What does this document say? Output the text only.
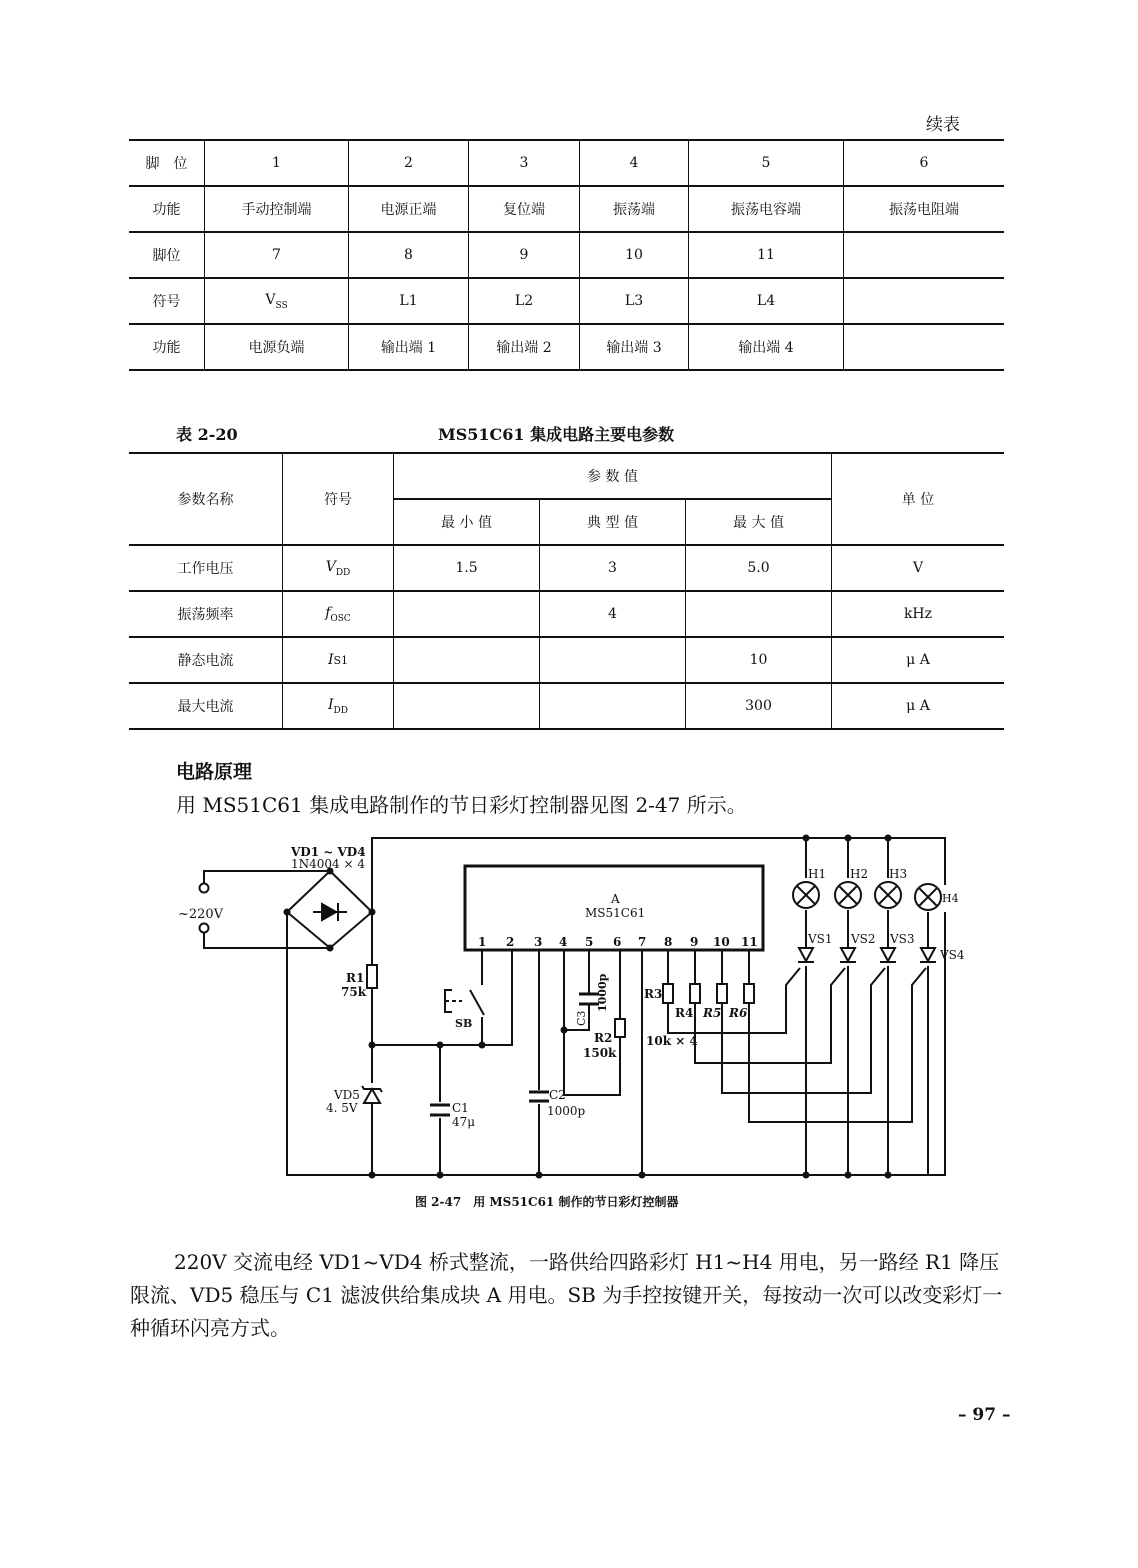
续表
脚　位	1	2	3	4	5	6
功能	手动控制端	电源正端	复位端	振荡端	振荡电容端	振荡电阻端
脚位	7	8	9	10	11	
符号	$V_{SS}$	L1	L2	L3	L4	
功能	电源负端	输出端 1	输出端 2	输出端 3	输出端 4	
表 2-20	MS51C61 集成电路主要电参数
参数名称	符号	参 数 值			单 位
		最 小 值	典 型 值	最 大 值	
工作电压	$V_{DD}$	1.5	3	5.0	V
振荡频率	$f_{OSC}$		4		kHz
静态电流	IS1			10	μ A
最大电流	$I_{DD}$			300	μ A
电路原理
用 MS51C61 集成电路制作的节日彩灯控制器见图 2-47 所示。
VD1 ~ VD4
1N4004 × 4
~220V
R1
75k
SB
A
MS51C61
1 2 3 4 5 6 7 8 9 10 11
C3
1000p
R2
150k
R3
R4 R5 R6
10k × 4
VD5
4. 5V	C1
47μ
C2
1000p
H1 H2 H3
H4
VS1 VS2 VS3
VS4
图 2-47　用 MS51C61 制作的节日彩灯控制器
220V 交流电经 VD1~VD4 桥式整流，一路供给四路彩灯 H1~H4 用电，另一路经 R1 降压限流、VD5 稳压与 C1 滤波供给集成块 A 用电。SB 为手控按键开关，每按动一次可以改变彩灯一种循环闪亮方式。
– 97 –
